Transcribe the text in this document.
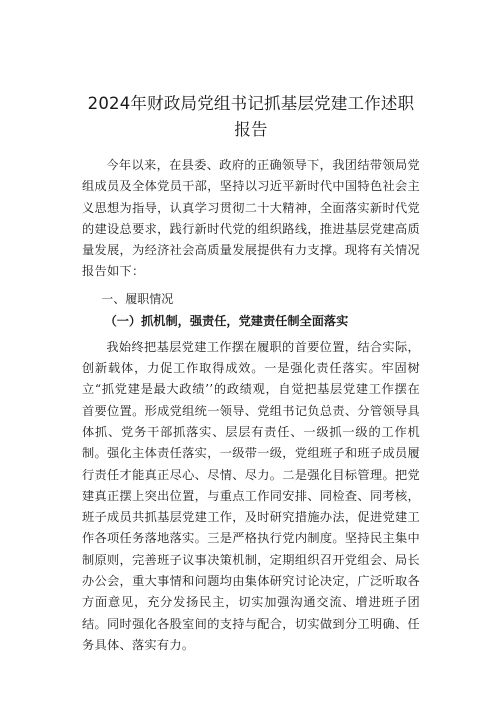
2024年财政局党组书记抓基层党建工作述职报告

今年以来，在县委、政府的正确领导下，我团结带领局党组成员及全体党员干部，坚持以习近平新时代中国特色社会主义思想为指导，认真学习贯彻二十大精神，全面落实新时代党的建设总要求，践行新时代党的组织路线，推进基层党建高质量发展，为经济社会高质量发展提供有力支撑。现将有关情况报告如下：

一、履职情况

（一）抓机制，强责任，党建责任制全面落实

我始终把基层党建工作摆在履职的首要位置，结合实际，创新载体，力促工作取得成效。一是强化责任落实。牢固树立“抓党建是最大政绩’’的政绩观，自觉把基层党建工作摆在首要位置。形成党组统一领导、党组书记负总责、分管领导具体抓、党务干部抓落实、层层有责任、一级抓一级的工作机制。强化主体责任落实，一级带一级，党组班子和班子成员履行责任才能真正尽心、尽情、尽力。二是强化目标管理。把党建真正摆上突出位置，与重点工作同安排、同检查、同考核，班子成员共抓基层党建工作，及时研究措施办法，促进党建工作各项任务落地落实。三是严格执行党内制度。坚持民主集中制原则，完善班子议事决策机制，定期组织召开党组会、局长办公会，重大事情和问题均由集体研究讨论决定，广泛听取各方面意见，充分发扬民主，切实加强沟通交流、增进班子团结。同时强化各股室间的支持与配合，切实做到分工明确、任务具体、落实有力。
